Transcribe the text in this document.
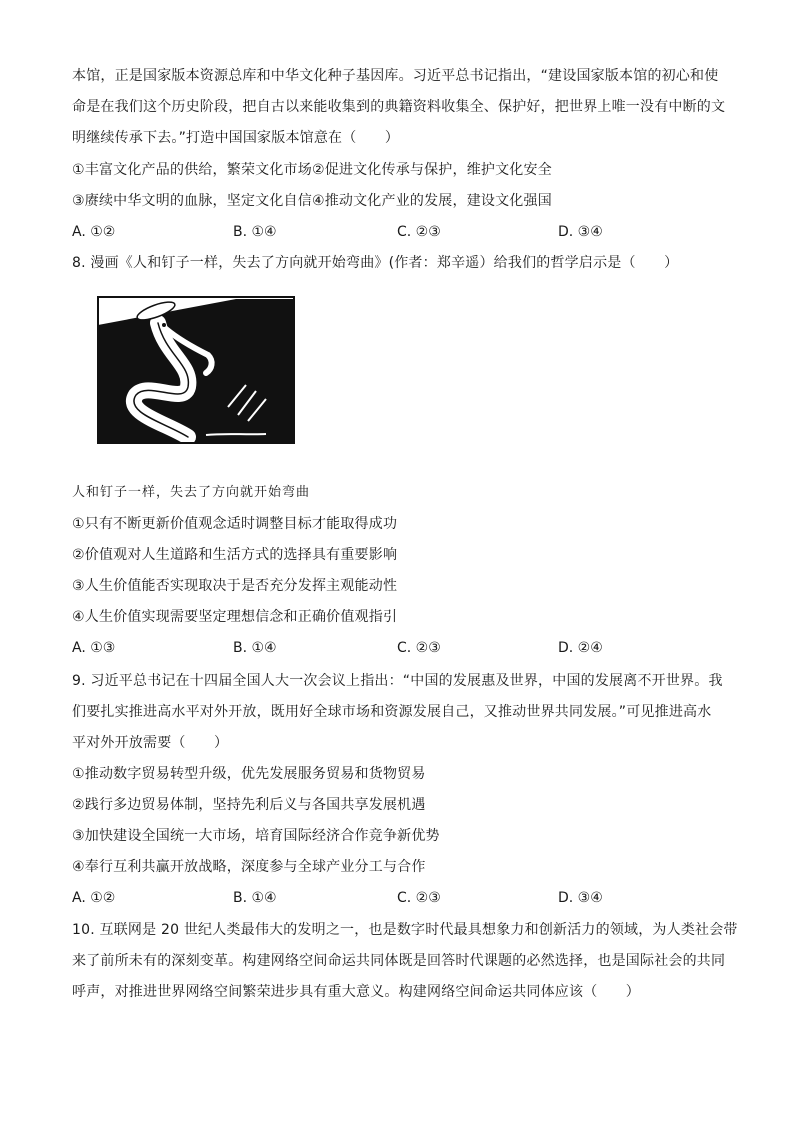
本馆，正是国家版本资源总库和中华文化种子基因库。习近平总书记指出，“建设国家版本馆的初心和使
命是在我们这个历史阶段，把自古以来能收集到的典籍资料收集全、保护好，把世界上唯一没有中断的文
明继续传承下去。”打造中国国家版本馆意在（　　）
①丰富文化产品的供给，繁荣文化市场②促进文化传承与保护，维护文化安全
③赓续中华文明的血脉，坚定文化自信④推动文化产业的发展，建设文化强国
A. ①②	B. ①④	C. ②③	D. ③④
8. 漫画《人和钉子一样，失去了方向就开始弯曲》(作者：郑辛遥）给我们的哲学启示是（　　）
人和钉子一样，失去了方向就开始弯曲
①只有不断更新价值观念适时调整目标才能取得成功
②价值观对人生道路和生活方式的选择具有重要影响
③人生价值能否实现取决于是否充分发挥主观能动性
④人生价值实现需要坚定理想信念和正确价值观指引
A. ①③	B. ①④	C. ②③	D. ②④
9. 习近平总书记在十四届全国人大一次会议上指出：“中国的发展惠及世界，中国的发展离不开世界。我
们要扎实推进高水平对外开放，既用好全球市场和资源发展自己，又推动世界共同发展。”可见推进高水
平对外开放需要（　　）
①推动数字贸易转型升级，优先发展服务贸易和货物贸易
②践行多边贸易体制，坚持先利后义与各国共享发展机遇
③加快建设全国统一大市场，培育国际经济合作竞争新优势
④奉行互利共赢开放战略，深度参与全球产业分工与合作
A. ①②	B. ①④	C. ②③	D. ③④
10. 互联网是 20 世纪人类最伟大的发明之一，也是数字时代最具想象力和创新活力的领域，为人类社会带
来了前所未有的深刻变革。构建网络空间命运共同体既是回答时代课题的必然选择，也是国际社会的共同
呼声，对推进世界网络空间繁荣进步具有重大意义。构建网络空间命运共同体应该（　　）
